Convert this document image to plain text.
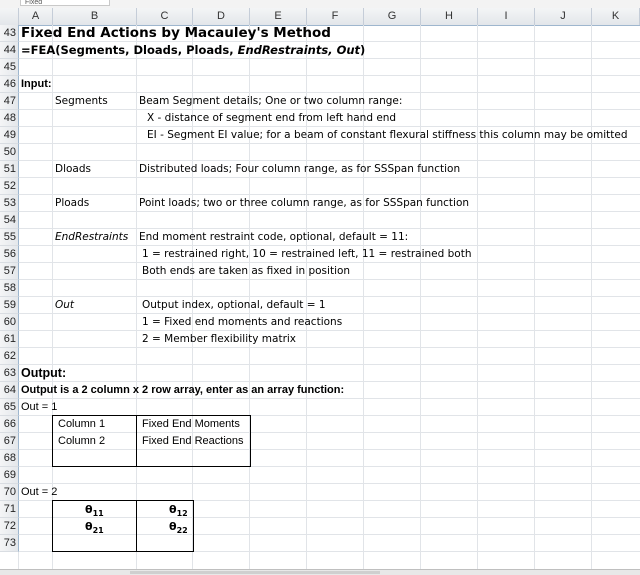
Fixed
A	B	C	D	E	F	G	H	I	J	K
43 Fixed End Actions by Macauley's Method
44 =FEA(Segments, Dloads, Ploads, EndRestraints, Out)
45
46 Input:
47	Segments	Beam Segment details; One or two column range:
48	X - distance of segment end from left hand end
49	EI - Segment EI value; for a beam of constant flexural stiffness this column may be omitted
50
51	Dloads	Distributed loads; Four column range, as for SSSpan function
52
53	Ploads	Point loads; two or three column range, as for SSSpan function
54
55	EndRestraints End moment restraint code, optional, default = 11:
56	1 = restrained right, 10 = restrained left, 11 = restrained both
57	Both ends are taken as fixed in position
58
59	Out	Output index, optional, default = 1
60	1 = Fixed end moments and reactions
61	2 = Member flexibility matrix
62
63 Output:
64 Output is a 2 column x 2 row array, enter as an array function:
65 Out = 1
66	Column 1	Fixed End Moments
67	Column 2	Fixed End Reactions
68
69
70 Out = 2
71	$\theta_{11}$	$\theta_{12}$
72	$\theta_{21}$	$\theta_{22}$
73
